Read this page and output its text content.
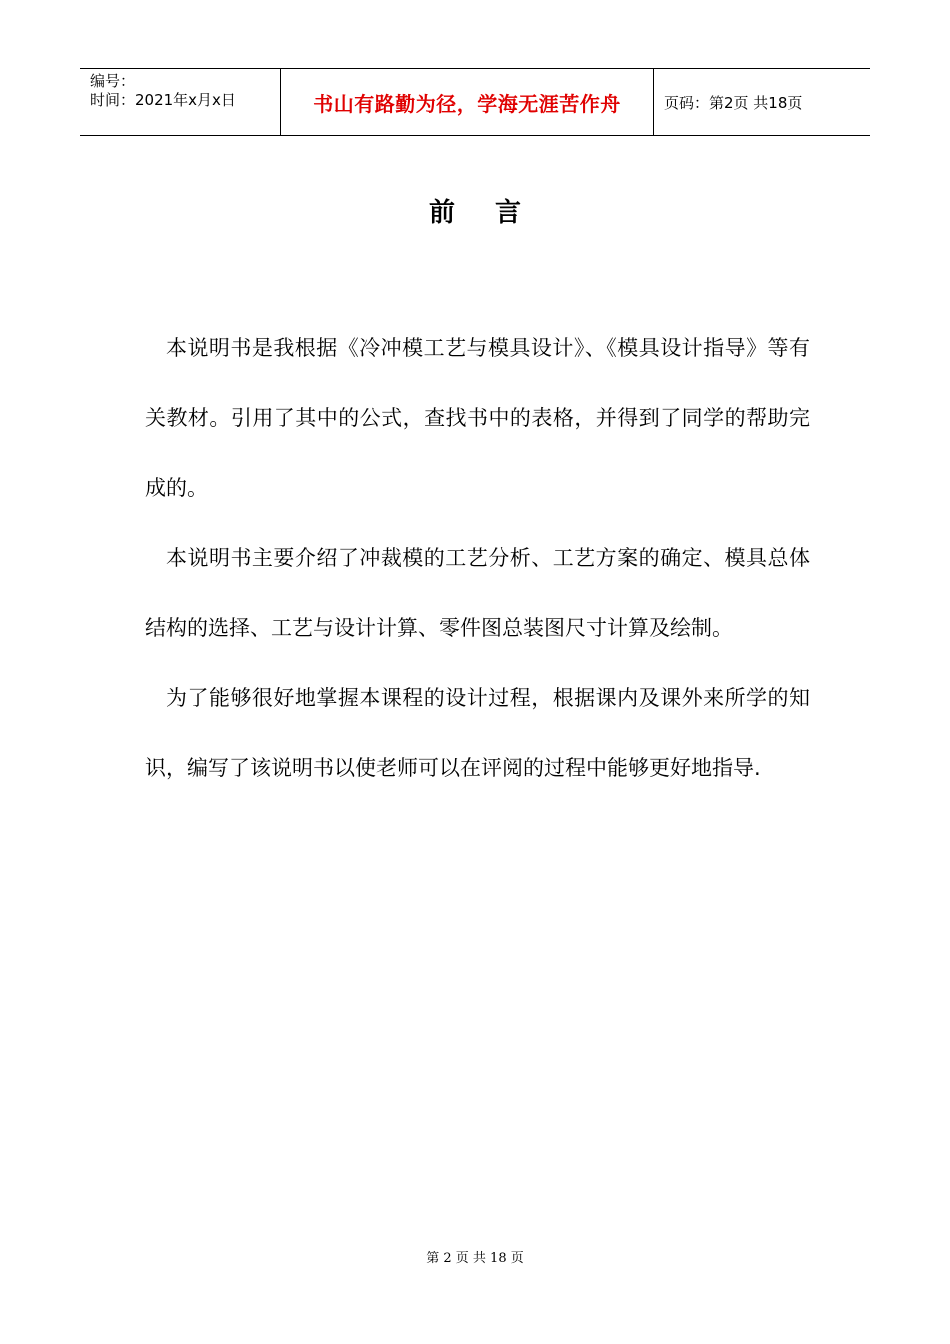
编号：
时间：2021年x月x日	书山有路勤为径，学海无涯苦作舟	页码：第2页 共18页
前言

本说明书是我根据《冷冲模工艺与模具设计》、《模具设计指导》等有关教材。引用了其中的公式，查找书中的表格，并得到了同学的帮助完成的。

本说明书主要介绍了冲裁模的工艺分析、工艺方案的确定、模具总体结构的选择、工艺与设计计算、零件图总装图尺寸计算及绘制。

为了能够很好地掌握本课程的设计过程，根据课内及课外来所学的知识，编写了该说明书以使老师可以在评阅的过程中能够更好地指导.

第 2 页 共 18 页
